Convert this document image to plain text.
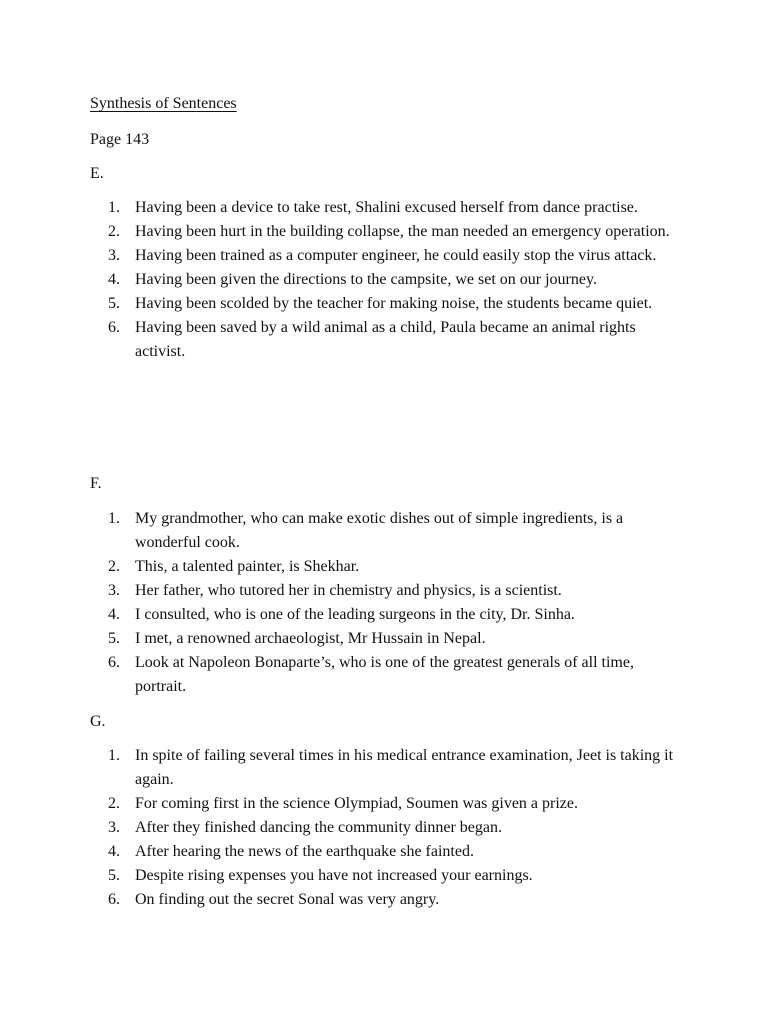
Synthesis of Sentences
Page 143
E.
1. Having been a device to take rest, Shalini excused herself from dance practise.
2. Having been hurt in the building collapse, the man needed an emergency operation.
3. Having been trained as a computer engineer, he could easily stop the virus attack.
4. Having been given the directions to the campsite, we set on our journey.
5. Having been scolded by the teacher for making noise, the students became quiet.
6. Having been saved by a wild animal as a child, Paula became an animal rights activist.
F.
1. My grandmother, who can make exotic dishes out of simple ingredients, is a wonderful cook.
2. This, a talented painter, is Shekhar.
3. Her father, who tutored her in chemistry and physics, is a scientist.
4. I consulted, who is one of the leading surgeons in the city, Dr. Sinha.
5. I met, a renowned archaeologist, Mr Hussain in Nepal.
6. Look at Napoleon Bonaparte’s, who is one of the greatest generals of all time, portrait.
G.
1. In spite of failing several times in his medical entrance examination, Jeet is taking it again.
2. For coming first in the science Olympiad, Soumen was given a prize.
3. After they finished dancing the community dinner began.
4. After hearing the news of the earthquake she fainted.
5. Despite rising expenses you have not increased your earnings.
6. On finding out the secret Sonal was very angry.
